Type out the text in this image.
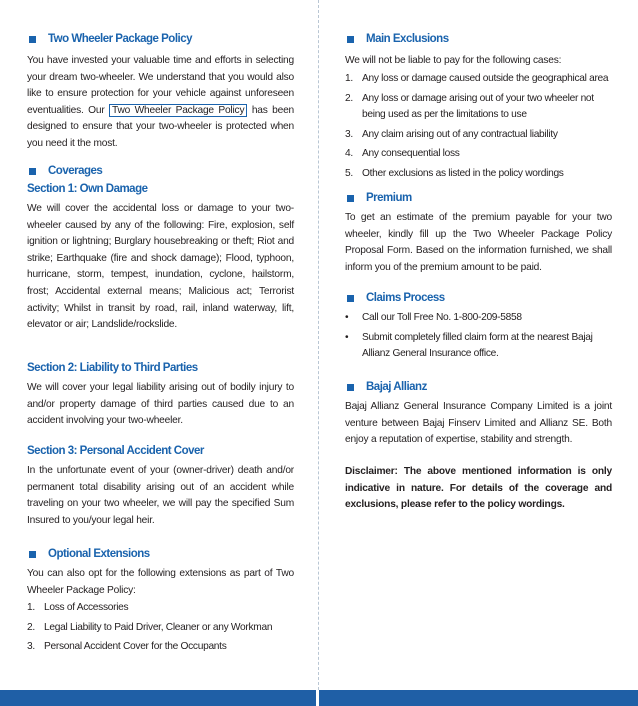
Two Wheeler Package Policy
You have invested your valuable time and efforts in selecting your dream two-wheeler. We understand that you would also like to ensure protection for your vehicle against unforeseen eventualities. Our Two Wheeler Package Policy has been designed to ensure that your two-wheeler is protected when you need it the most.
Coverages
Section 1: Own Damage
We will cover the accidental loss or damage to your two-wheeler caused by any of the following: Fire, explosion, self ignition or lightning; Burglary housebreaking or theft; Riot and strike; Earthquake (fire and shock damage); Flood, typhoon, hurricane, storm, tempest, inundation, cyclone, hailstorm, frost; Accidental external means; Malicious act; Terrorist activity; Whilst in transit by road, rail, inland waterway, lift, elevator or air; Landslide/rockslide.
Section 2: Liability to Third Parties
We will cover your legal liability arising out of bodily injury to and/or property damage of third parties caused due to an accident involving your two-wheeler.
Section 3: Personal Accident Cover
In the unfortunate event of your (owner-driver) death and/or permanent total disability arising out of an accident while traveling on your two wheeler, we will pay the specified Sum Insured to you/your legal heir.
Optional Extensions
You can also opt for the following extensions as part of Two Wheeler Package Policy:
1. Loss of Accessories
2. Legal Liability to Paid Driver, Cleaner or any Workman
3. Personal Accident Cover for the Occupants
Main Exclusions
We will not be liable to pay for the following cases:
1. Any loss or damage caused outside the geographical area
2. Any loss or damage arising out of your two wheeler not being used as per the limitations to use
3. Any claim arising out of any contractual liability
4. Any consequential loss
5. Other exclusions as listed in the policy wordings
Premium
To get an estimate of the premium payable for your two wheeler, kindly fill up the Two Wheeler Package Policy Proposal Form. Based on the information furnished, we shall inform you of the premium amount to be paid.
Claims Process
• Call our Toll Free No. 1-800-209-5858
• Submit completely filled claim form at the nearest Bajaj Allianz General Insurance office.
Bajaj Allianz
Bajaj Allianz General Insurance Company Limited is a joint venture between Bajaj Finserv Limited and Allianz SE. Both enjoy a reputation of expertise, stability and strength.
Disclaimer: The above mentioned information is only indicative in nature. For details of the coverage and exclusions, please refer to the policy wordings.
